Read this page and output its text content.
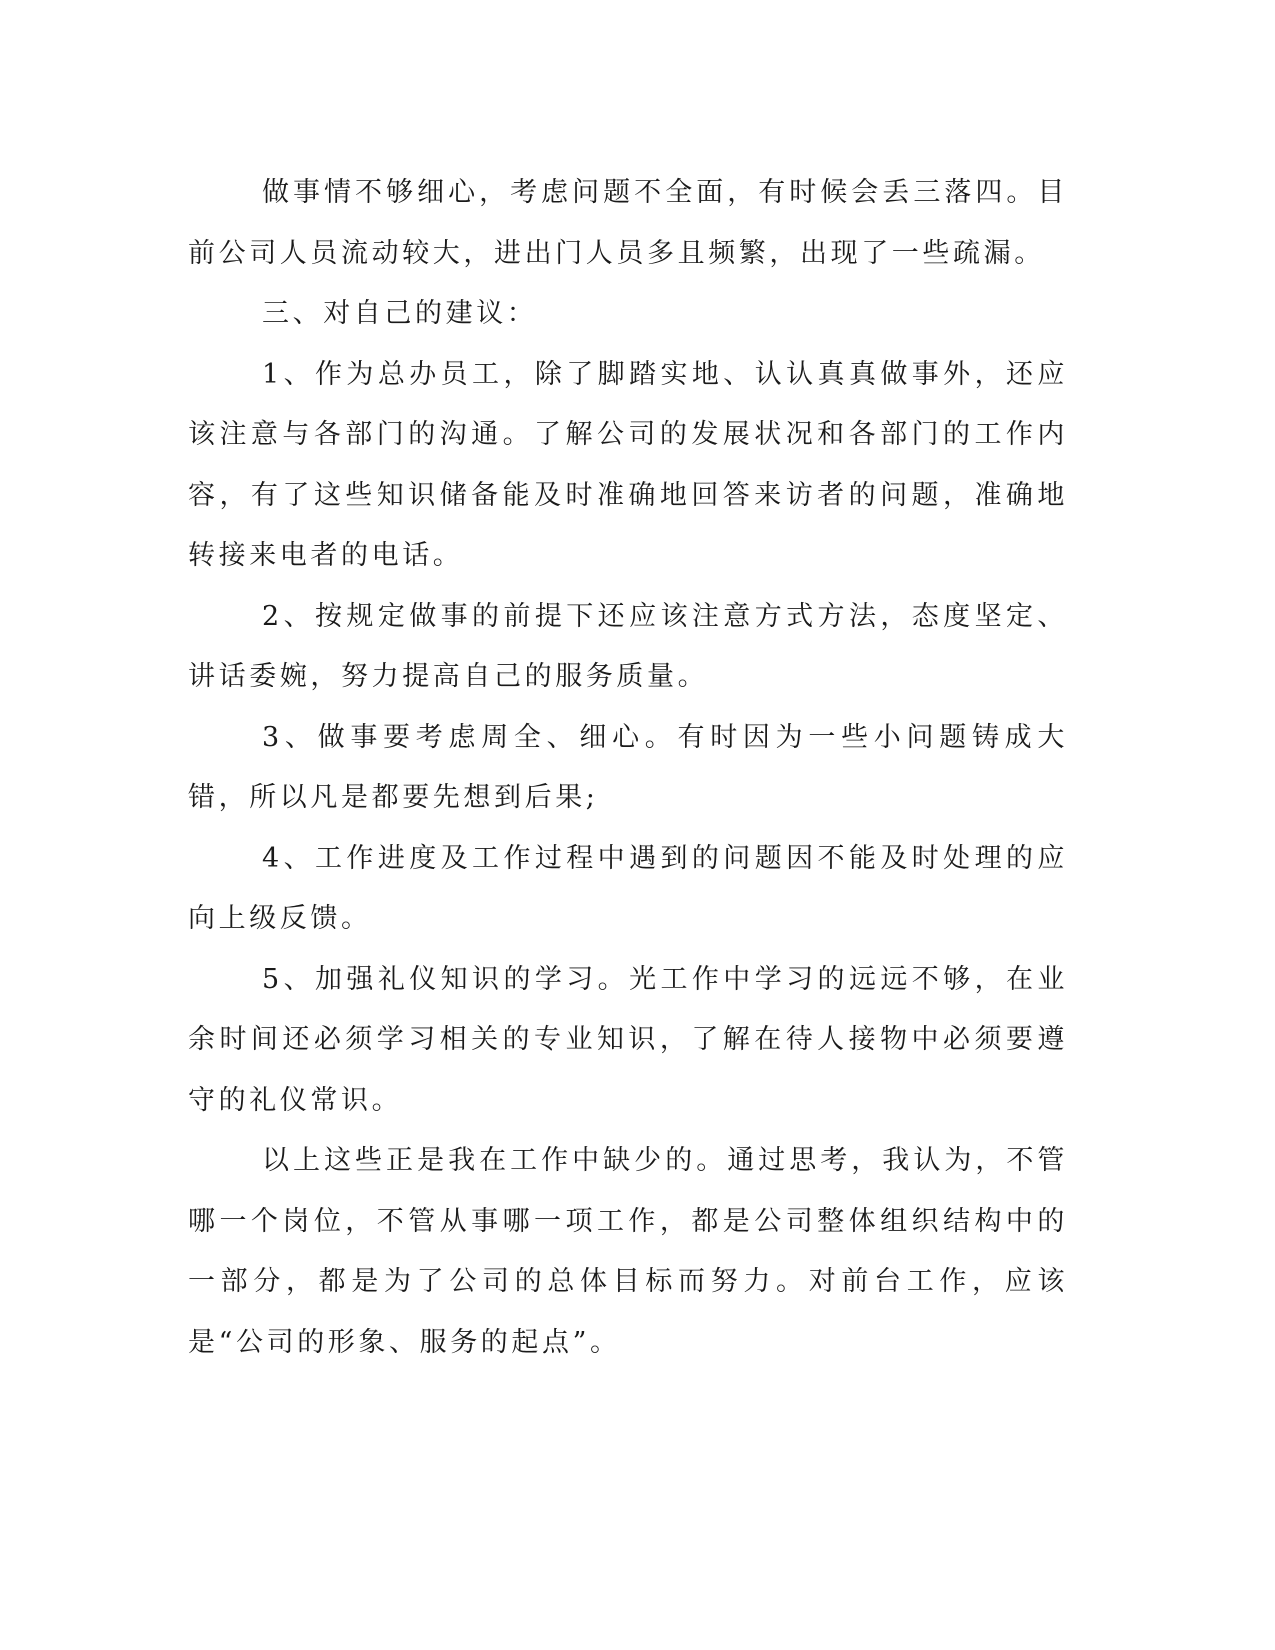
做事情不够细心，考虑问题不全面，有时候会丢三落四。目前公司人员流动较大，进出门人员多且频繁，出现了一些疏漏。

三、对自己的建议：

1、作为总办员工，除了脚踏实地、认认真真做事外，还应该注意与各部门的沟通。了解公司的发展状况和各部门的工作内容，有了这些知识储备能及时准确地回答来访者的问题，准确地转接来电者的电话。

2、按规定做事的前提下还应该注意方式方法，态度坚定、讲话委婉，努力提高自己的服务质量。

3、做事要考虑周全、细心。有时因为一些小问题铸成大错，所以凡是都要先想到后果;

4、工作进度及工作过程中遇到的问题因不能及时处理的应向上级反馈。

5、加强礼仪知识的学习。光工作中学习的远远不够，在业余时间还必须学习相关的专业知识，了解在待人接物中必须要遵守的礼仪常识。

以上这些正是我在工作中缺少的。通过思考，我认为，不管哪一个岗位，不管从事哪一项工作，都是公司整体组织结构中的一部分，都是为了公司的总体目标而努力。对前台工作，应该是“公司的形象、服务的起点”。
